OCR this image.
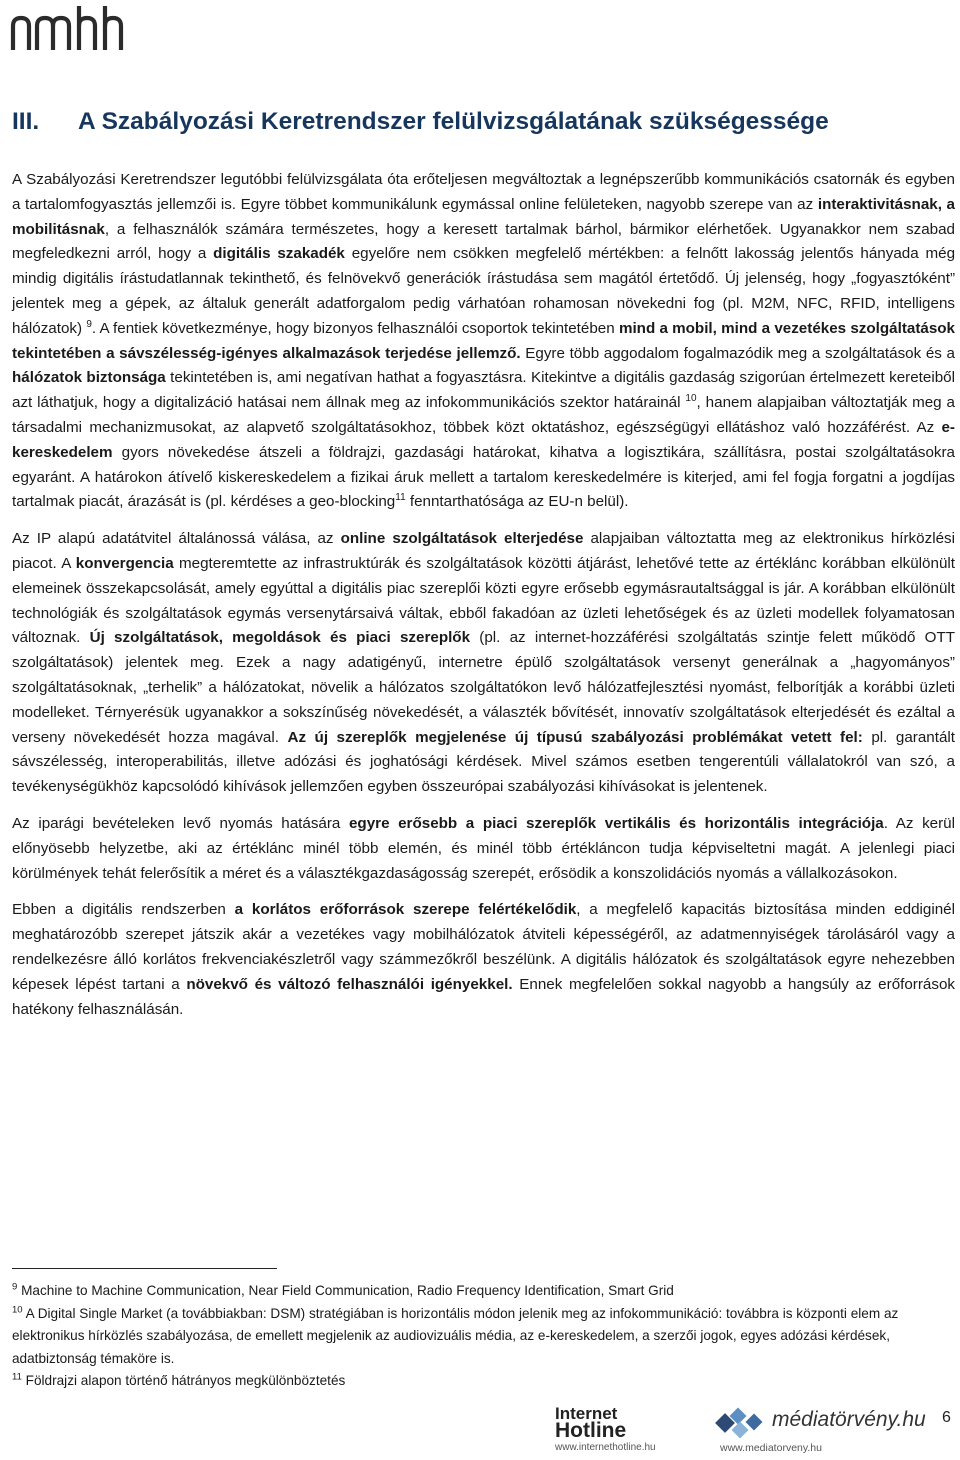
III. A Szabályozási Keretrendszer felülvizsgálatának szükségessége

A Szabályozási Keretrendszer legutóbbi felülvizsgálata óta erőteljesen megváltoztak a legnépszerűbb kommunikációs csatornák és egyben a tartalomfogyasztás jellemzői is. Egyre többet kommunikálunk egymással online felületeken, nagyobb szerepe van az interaktivitásnak, a mobilitásnak, a felhasználók számára természetes, hogy a keresett tartalmak bárhol, bármikor elérhetőek. Ugyanakkor nem szabad megfeledkezni arról, hogy a digitális szakadék egyelőre nem csökken megfelelő mértékben: a felnőtt lakosság jelentős hányada még mindig digitális írástudatlannak tekinthető, és felnövekvő generációk írástudása sem magától értetődő. Új jelenség, hogy „fogyasztóként” jelentek meg a gépek, az általuk generált adatforgalom pedig várhatóan rohamosan növekedni fog (pl. M2M, NFC, RFID, intelligens hálózatok) $^9$. A fentiek következménye, hogy bizonyos felhasználói csoportok tekintetében mind a mobil, mind a vezetékes szolgáltatások tekintetében a sávszélesség-igényes alkalmazások terjedése jellemző. Egyre több aggodalom fogalmazódik meg a szolgáltatások és a hálózatok biztonsága tekintetében is, ami negatívan hathat a fogyasztásra. Kitekintve a digitális gazdaság szigorúan értelmezett kereteiből azt láthatjuk, hogy a digitalizáció hatásai nem állnak meg az infokommunikációs szektor határainál $^{10}$, hanem alapjaiban változtatják meg a társadalmi mechanizmusokat, az alapvető szolgáltatásokhoz, többek közt oktatáshoz, egészségügyi ellátáshoz való hozzáférést. Az e-kereskedelem gyors növekedése átszeli a földrajzi, gazdasági határokat, kihatva a logisztikára, szállításra, postai szolgáltatásokra egyaránt. A határokon átívelő kiskereskedelem a fizikai áruk mellett a tartalom kereskedelmére is kiterjed, ami fel fogja forgatni a jogdíjas tartalmak piacát, árazását is (pl. kérdéses a geo-blocking$^{11}$ fenntarthatósága az EU-n belül).

Az IP alapú adatátvitel általánossá válása, az online szolgáltatások elterjedése alapjaiban változtatta meg az elektronikus hírközlési piacot. A konvergencia megteremtette az infrastruktúrák és szolgáltatások közötti átjárást, lehetővé tette az értéklánc korábban elkülönült elemeinek összekapcsolását, amely egyúttal a digitális piac szereplői közti egyre erősebb egymásrautaltsággal is jár. A korábban elkülönült technológiák és szolgáltatások egymás versenytársaivá váltak, ebből fakadóan az üzleti lehetőségek és az üzleti modellek folyamatosan változnak. Új szolgáltatások, megoldások és piaci szereplők (pl. az internet-hozzáférési szolgáltatás szintje felett működő OTT szolgáltatások) jelentek meg. Ezek a nagy adatigényű, internetre épülő szolgáltatások versenyt generálnak a „hagyományos” szolgáltatásoknak, „terhelik” a hálózatokat, növelik a hálózatos szolgáltatókon levő hálózatfejlesztési nyomást, felborítják a korábbi üzleti modelleket. Térnyerésük ugyanakkor a sokszínűség növekedését, a választék bővítését, innovatív szolgáltatások elterjedését és ezáltal a verseny növekedését hozza magával. Az új szereplők megjelenése új típusú szabályozási problémákat vetett fel: pl. garantált sávszélesség, interoperabilitás, illetve adózási és joghatósági kérdések. Mivel számos esetben tengerentúli vállalatokról van szó, a tevékenységükhöz kapcsolódó kihívások jellemzően egyben összeurópai szabályozási kihívásokat is jelentenek.

Az iparági bevételeken levő nyomás hatására egyre erősebb a piaci szereplők vertikális és horizontális integrációja. Az kerül előnyösebb helyzetbe, aki az értéklánc minél több elemén, és minél több értékláncon tudja képviseltetni magát. A jelenlegi piaci körülmények tehát felerősítik a méret és a választékgazdaságosság szerepét, erősödik a konszolidációs nyomás a vállalkozásokon.

Ebben a digitális rendszerben a korlátos erőforrások szerepe felértékelődik, a megfelelő kapacitás biztosítása minden eddiginél meghatározóbb szerepet játszik akár a vezetékes vagy mobilhálózatok átviteli képességéről, az adatmennyiségek tárolásáról vagy a rendelkezésre álló korlátos frekvenciakészletről vagy számmezőkről beszélünk. A digitális hálózatok és szolgáltatások egyre nehezebben képesek lépést tartani a növekvő és változó felhasználói igényekkel. Ennek megfelelően sokkal nagyobb a hangsúly az erőforrások hatékony felhasználásán.

$^9$ Machine to Machine Communication, Near Field Communication, Radio Frequency Identification, Smart Grid

$^{10}$ A Digital Single Market (a továbbiakban: DSM) stratégiában is horizontális módon jelenik meg az infokommunikáció: továbbra is központi elem az elektronikus hírközlés szabályozása, de emellett megjelenik az audiovizuális média, az e-kereskedelem, a szerzői jogok, egyes adózási kérdések, adatbiztonság témaköre is.

$^{11}$ Földrajzi alapon történő hátrányos megkülönböztetés

Internet
Hotline
www.internethotline.hu
médiatörvény.hu
www.mediatorveny.hu
6
